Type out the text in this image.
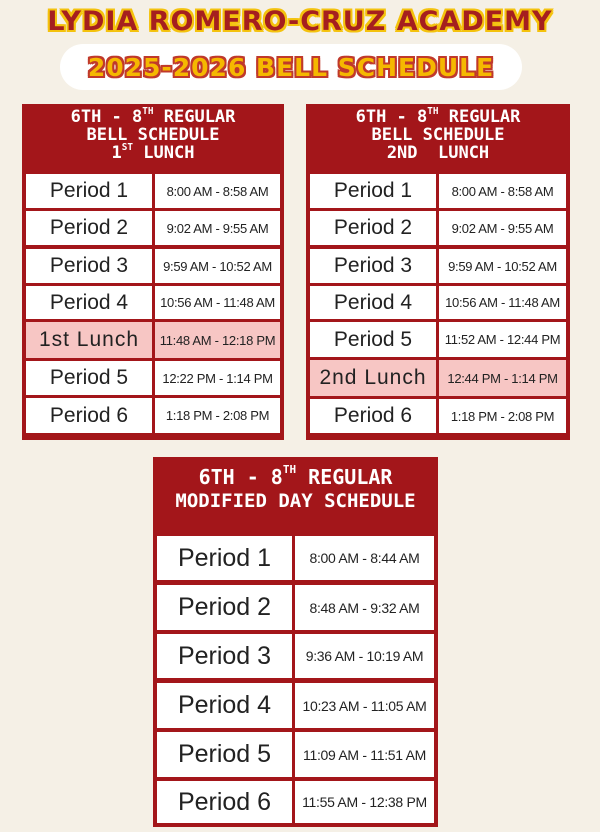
LYDIA ROMERO-CRUZ ACADEMY
2025-2026 BELL SCHEDULE
6TH - 8TH REGULAR
BELL SCHEDULE
1ST LUNCH
Period 1	8:00 AM - 8:58 AM
Period 2	9:02 AM - 9:55 AM
Period 3	9:59 AM - 10:52 AM
Period 4	10:56 AM - 11:48 AM
1st Lunch	11:48 AM - 12:18 PM
Period 5	12:22 PM - 1:14 PM
Period 6	1:18 PM - 2:08 PM
6TH - 8TH REGULAR
BELL SCHEDULE
2ND  LUNCH
Period 1	8:00 AM - 8:58 AM
Period 2	9:02 AM - 9:55 AM
Period 3	9:59 AM - 10:52 AM
Period 4	10:56 AM - 11:48 AM
Period 5	11:52 AM - 12:44 PM
2nd Lunch	12:44 PM - 1:14 PM
Period 6	1:18 PM - 2:08 PM
6TH - 8TH REGULAR
MODIFIED DAY SCHEDULE
Period 1	8:00 AM - 8:44 AM
Period 2	8:48 AM - 9:32 AM
Period 3	9:36 AM - 10:19 AM
Period 4	10:23 AM - 11:05 AM
Period 5	11:09 AM - 11:51 AM
Period 6	11:55 AM - 12:38 PM
